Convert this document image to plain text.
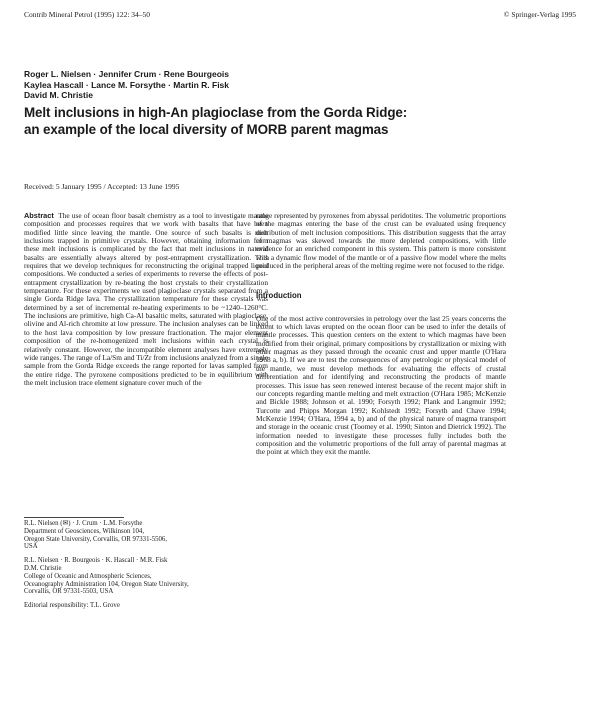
Contrib Mineral Petrol (1995) 122: 34–50	© Springer-Verlag 1995
Roger L. Nielsen · Jennifer Crum · Rene Bourgeois
Kaylea Hascall · Lance M. Forsythe · Martin R. Fisk
David M. Christie
Melt inclusions in high-An plagioclase from the Gorda Ridge:
an example of the local diversity of MORB parent magmas
Received: 5 January 1995 / Accepted: 13 June 1995

Abstract The use of ocean floor basalt chemistry as a tool to investigate mantle composition and processes requires that we work with basalts that have been modified little since leaving the mantle. One source of such basalts is melt inclusions trapped in primitive crystals. However, obtaining information from these melt inclusions is complicated by the fact that melt inclusions in natural basalts are essentially always altered by post-entrapment crystallization. This requires that we develop techniques for reconstructing the original trapped liquid compositions. We conducted a series of experiments to reverse the effects of post-entrapment crystallization by re-heating the host crystals to their crystallization temperature. For these experiments we used plagioclase crystals separated from a single Gorda Ridge lava. The crystallization temperature for these crystals was determined by a set of incremental re-heating experiments to be ~1240–1260°C. The inclusions are primitive, high Ca-Al basaltic melts, saturated with plagioclase, olivine and Al-rich chromite at low pressure. The inclusion analyses can be linked to the host lava composition by low pressure fractionation. The major element composition of the re-homogenized melt inclusions within each crystal is relatively constant. However, the incompatible element analyses have extremely wide ranges. The range of La/Sm and Ti/Zr from inclusions analyzed from a single sample from the Gorda Ridge exceeds the range reported for lavas sampled from the entire ridge. The pyroxene compositions predicted to be in equilibrium with the melt inclusion trace element signature cover much of the

range represented by pyroxenes from abyssal peridotites. The volumetric proportions of the magmas entering the base of the crust can be evaluated using frequency distribution of melt inclusion compositions. This distribution suggests that the array of magmas was skewed towards the more depleted compositions, with little evidence for an enriched component in this system. This pattern is more consistent with a dynamic flow model of the mantle or of a passive flow model where the melts produced in the peripheral areas of the melting regime were not focused to the ridge.

Introduction

One of the most active controversies in petrology over the last 25 years concerns the extent to which lavas erupted on the ocean floor can be used to infer the details of mantle processes. This question centers on the extent to which magmas have been modified from their original, primary compositions by crystallization or mixing with other magmas as they passed through the oceanic crust and upper mantle (O'Hara 1968 a, b). If we are to test the consequences of any petrologic or physical model of the mantle, we must develop methods for evaluating the effects of crustal differentiation and for identifying and reconstructing the products of mantle processes. This issue has seen renewed interest because of the recent major shift in our concepts regarding mantle melting and melt extraction (O'Hara 1985; McKenzie and Bickle 1988; Johnson et al. 1990; Forsyth 1992; Plank and Langmuir 1992; Turcotte and Phipps Morgan 1992; Kohlstedt 1992; Forsyth and Chave 1994; McKenzie 1994; O'Hara, 1994 a, b) and of the physical nature of magma transport and storage in the oceanic crust (Toomey et al. 1990; Sinton and Dietrick 1992). The information needed to investigate these processes fully includes both the composition and the volumetric proportions of the full array of parental magmas at the point at which they exit the mantle.

R.L. Nielsen (✉) · J. Crum · L.M. Forsythe
Department of Geosciences, Wilkinson 104,
Oregon State University, Corvallis, OR 97331-5506,
USA
R.L. Nielsen · R. Bourgeois · K. Hascall · M.R. Fisk
D.M. Christie
College of Oceanic and Atmospheric Sciences,
Oceanography Administration 104, Oregon State University,
Corvallis, OR 97331-5503, USA
Editorial responsibility: T.L. Grove
